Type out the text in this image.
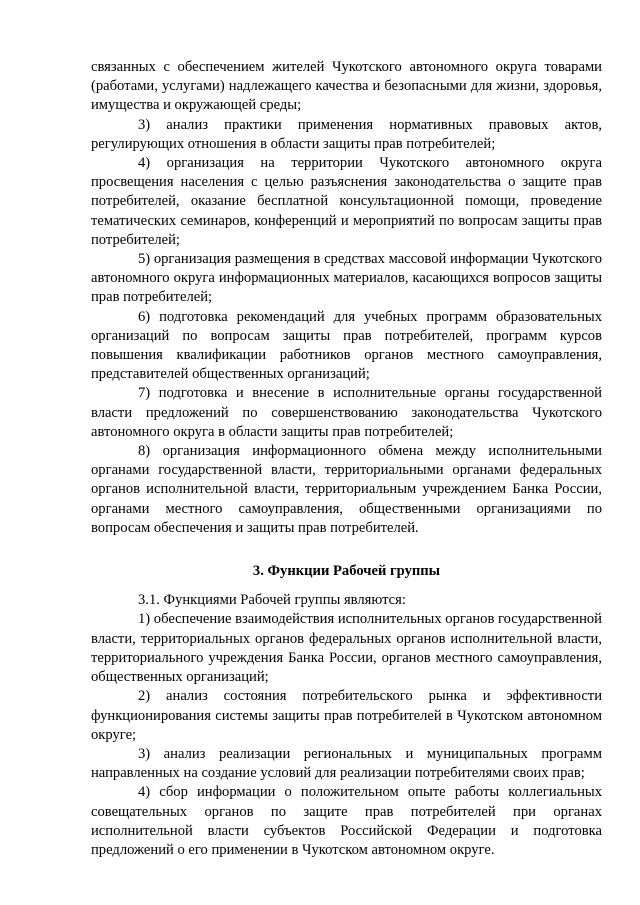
связанных с обеспечением жителей Чукотского автономного округа товарами (работами, услугами) надлежащего качества и безопасными для жизни, здоровья, имущества и окружающей среды;

3) анализ практики применения нормативных правовых актов, регулирующих отношения в области защиты прав потребителей;

4) организация на территории Чукотского автономного округа просвещения населения с целью разъяснения законодательства о защите прав потребителей, оказание бесплатной консультационной помощи, проведение тематических семинаров, конференций и мероприятий по вопросам защиты прав потребителей;

5) организация размещения в средствах массовой информации Чукотского автономного округа информационных материалов, касающихся вопросов защиты прав потребителей;

6) подготовка рекомендаций для учебных программ образовательных организаций по вопросам защиты прав потребителей, программ курсов повышения квалификации работников органов местного самоуправления, представителей общественных организаций;

7) подготовка и внесение в исполнительные органы государственной власти предложений по совершенствованию законодательства Чукотского автономного округа в области защиты прав потребителей;

8) организация информационного обмена между исполнительными органами государственной власти, территориальными органами федеральных органов исполнительной власти, территориальным учреждением Банка России, органами местного самоуправления, общественными организациями по вопросам обеспечения и защиты прав потребителей.

3. Функции Рабочей группы

3.1. Функциями Рабочей группы являются:

1) обеспечение взаимодействия исполнительных органов государственной власти, территориальных органов федеральных органов исполнительной власти, территориального учреждения Банка России, органов местного самоуправления, общественных организаций;

2) анализ состояния потребительского рынка и эффективности функционирования системы защиты прав потребителей в Чукотском автономном округе;

3) анализ реализации региональных и муниципальных программ направленных на создание условий для реализации потребителями своих прав;

4) сбор информации о положительном опыте работы коллегиальных совещательных органов по защите прав потребителей при органах исполнительной власти субъектов Российской Федерации и подготовка предложений о его применении в Чукотском автономном округе.
